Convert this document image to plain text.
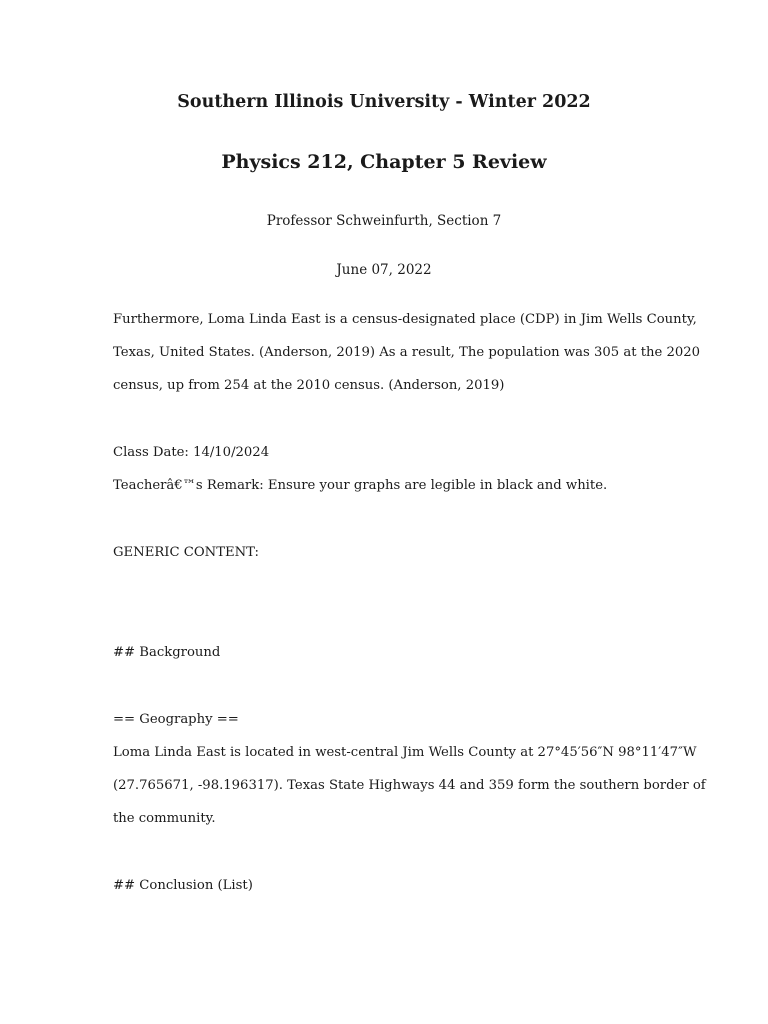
Southern Illinois University - Winter 2022
Physics 212, Chapter 5 Review
Professor Schweinfurth, Section 7
June 07, 2022
Furthermore, Loma Linda East is a census-designated place (CDP) in Jim Wells County,
Texas, United States. (Anderson, 2019) As a result, The population was 305 at the 2020
census, up from 254 at the 2010 census. (Anderson, 2019)
Class Date: 14/10/2024
Teacherâ€™s Remark: Ensure your graphs are legible in black and white.
GENERIC CONTENT:
## Background
== Geography ==
Loma Linda East is located in west-central Jim Wells County at 27°45′56″N 98°11′47″W
(27.765671, -98.196317). Texas State Highways 44 and 359 form the southern border of
the community.
## Conclusion (List)
